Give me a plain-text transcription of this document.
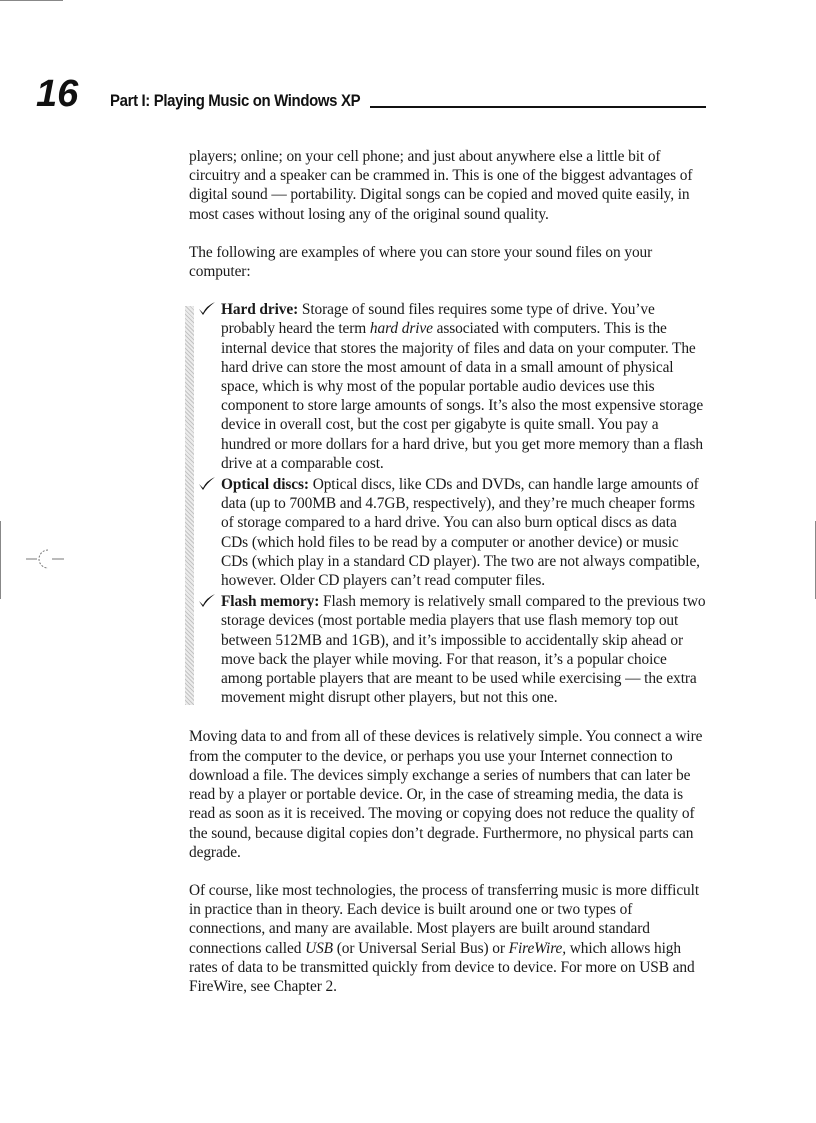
16 Part I: Playing Music on Windows XP

players; online; on your cell phone; and just about anywhere else a little bit of circuitry and a speaker can be crammed in. This is one of the biggest advantages of digital sound — portability. Digital songs can be copied and moved quite easily, in most cases without losing any of the original sound quality.

The following are examples of where you can store your sound files on your computer:

Hard drive: Storage of sound files requires some type of drive. You’ve probably heard the term hard drive associated with computers. This is the internal device that stores the majority of files and data on your computer. The hard drive can store the most amount of data in a small amount of physical space, which is why most of the popular portable audio devices use this component to store large amounts of songs. It’s also the most expensive storage device in overall cost, but the cost per gigabyte is quite small. You pay a hundred or more dollars for a hard drive, but you get more memory than a flash drive at a comparable cost.
Optical discs: Optical discs, like CDs and DVDs, can handle large amounts of data (up to 700MB and 4.7GB, respectively), and they’re much cheaper forms of storage compared to a hard drive. You can also burn optical discs as data CDs (which hold files to be read by a computer or another device) or music CDs (which play in a standard CD player). The two are not always compatible, however. Older CD players can’t read computer files.
Flash memory: Flash memory is relatively small compared to the previous two storage devices (most portable media players that use flash memory top out between 512MB and 1GB), and it’s impossible to accidentally skip ahead or move back the player while moving. For that reason, it’s a popular choice among portable players that are meant to be used while exercising — the extra movement might disrupt other players, but not this one.

Moving data to and from all of these devices is relatively simple. You connect a wire from the computer to the device, or perhaps you use your Internet connection to download a file. The devices simply exchange a series of numbers that can later be read by a player or portable device. Or, in the case of streaming media, the data is read as soon as it is received. The moving or copying does not reduce the quality of the sound, because digital copies don’t degrade. Furthermore, no physical parts can degrade.

Of course, like most technologies, the process of transferring music is more difficult in practice than in theory. Each device is built around one or two types of connections, and many are available. Most players are built around standard connections called USB (or Universal Serial Bus) or FireWire, which allows high rates of data to be transmitted quickly from device to device. For more on USB and FireWire, see Chapter 2.
